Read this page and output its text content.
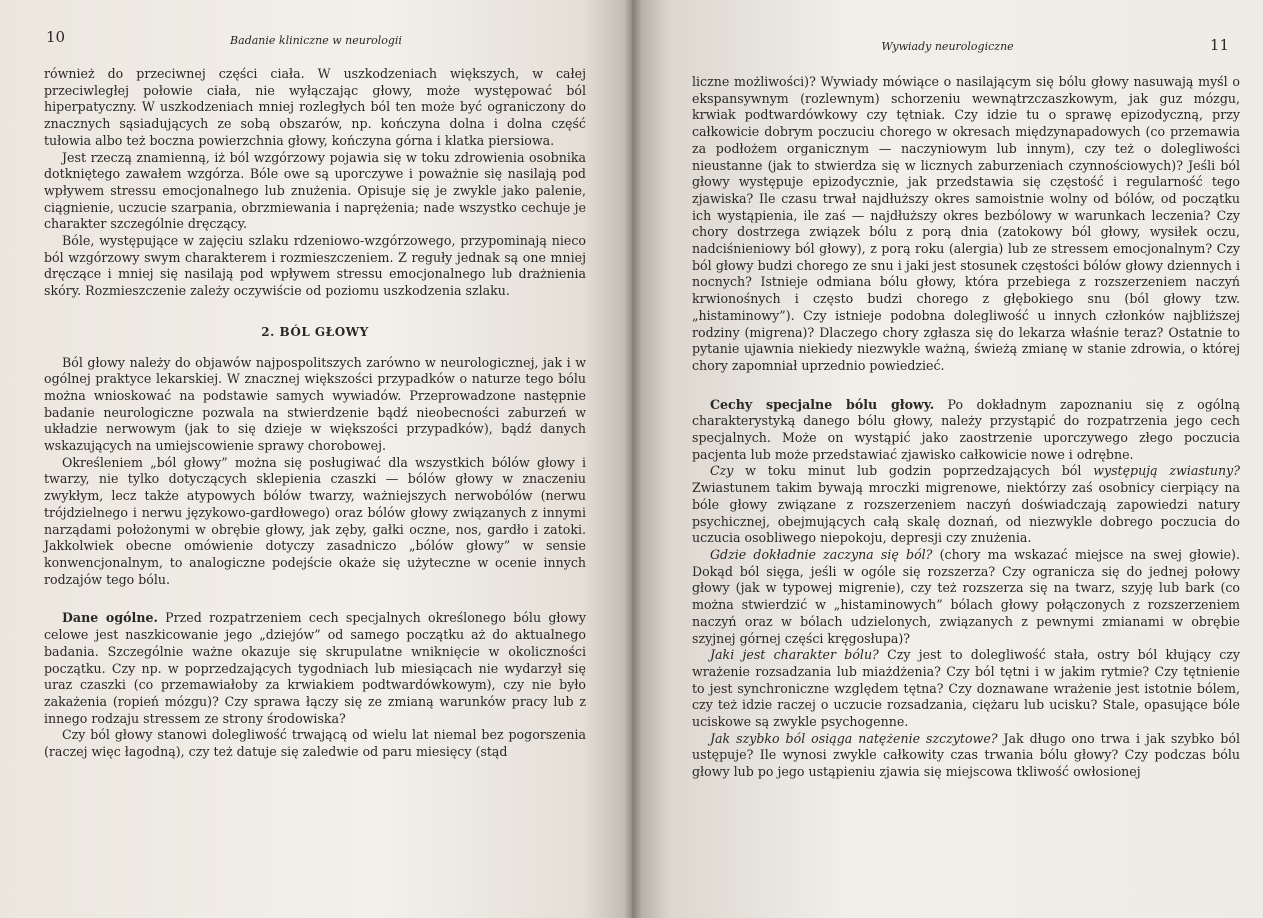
10	Badanie kliniczne w neurologii

również do przeciwnej części ciała. W uszkodzeniach większych, w całej przeciwległej połowie ciała, nie wyłączając głowy, może występować ból hiperpatyczny. W uszkodzeniach mniej rozległych ból ten może być ograniczony do znacznych sąsiadujących ze sobą obszarów, np. kończyna dolna i dolna część tułowia albo też boczna powierzchnia głowy, kończyna górna i klatka piersiowa.

Jest rzeczą znamienną, iż ból wzgórzowy pojawia się w toku zdrowienia osobnika dotkniętego zawałem wzgórza. Bóle owe są uporczywe i poważnie się nasilają pod wpływem stressu emocjonalnego lub znużenia. Opisuje się je zwykle jako palenie, ciągnienie, uczucie szarpania, obrzmiewania i naprężenia; nade wszystko cechuje je charakter szczególnie dręczący.

Bóle, występujące w zajęciu szlaku rdzeniowo-wzgórzowego, przypominają nieco ból wzgórzowy swym charakterem i rozmieszczeniem. Z reguły jednak są one mniej dręczące i mniej się nasilają pod wpływem stressu emocjonalnego lub drażnienia skóry. Rozmieszczenie zależy oczywiście od poziomu uszkodzenia szlaku.

2. BÓL GŁOWY

Ból głowy należy do objawów najpospolitszych zarówno w neurologicznej, jak i w ogólnej praktyce lekarskiej. W znacznej większości przypadków o naturze tego bólu można wnioskować na podstawie samych wywiadów. Przeprowadzone następnie badanie neurologiczne pozwala na stwierdzenie bądź nieobecności zaburzeń w układzie nerwowym (jak to się dzieje w większości przypadków), bądź danych wskazujących na umiejscowienie sprawy chorobowej.

Określeniem „ból głowy” można się posługiwać dla wszystkich bólów głowy i twarzy, nie tylko dotyczących sklepienia czaszki — bólów głowy w znaczeniu zwykłym, lecz także atypowych bólów twarzy, ważniejszych nerwobólów (nerwu trójdzielnego i nerwu językowo-gardłowego) oraz bólów głowy związanych z innymi narządami położonymi w obrębie głowy, jak zęby, gałki oczne, nos, gardło i zatoki. Jakkolwiek obecne omówienie dotyczy zasadniczo „bólów głowy” w sensie konwencjonalnym, to analogiczne podejście okaże się użyteczne w ocenie innych rodzajów tego bólu.

Dane ogólne. Przed rozpatrzeniem cech specjalnych określonego bólu głowy celowe jest naszkicowanie jego „dziejów” od samego początku aż do aktualnego badania. Szczególnie ważne okazuje się skrupulatne wniknięcie w okoliczności początku. Czy np. w poprzedzających tygodniach lub miesiącach nie wydarzył się uraz czaszki (co przemawiałoby za krwiakiem podtwardówkowym), czy nie było zakażenia (ropień mózgu)? Czy sprawa łączy się ze zmianą warunków pracy lub z innego rodzaju stressem ze strony środowiska?

Czy ból głowy stanowi dolegliwość trwającą od wielu lat niemal bez pogorszenia (raczej więc łagodną), czy też datuje się zaledwie od paru miesięcy (stąd

11
Wywiady neurologiczne

liczne możliwości)? Wywiady mówiące o nasilającym się bólu głowy nasuwają myśl o ekspansywnym (rozlewnym) schorzeniu wewnątrzczaszkowym, jak guz mózgu, krwiak podtwardówkowy czy tętniak. Czy idzie tu o sprawę epizodyczną, przy całkowicie dobrym poczuciu chorego w okresach międzynapadowych (co przemawia za podłożem organicznym — naczyniowym lub innym), czy też o dolegliwości nieustanne (jak to stwierdza się w licznych zaburzeniach czynnościowych)? Jeśli ból głowy występuje epizodycznie, jak przedstawia się częstość i regularność tego zjawiska? Ile czasu trwał najdłuższy okres samoistnie wolny od bólów, od początku ich wystąpienia, ile zaś — najdłuższy okres bezbólowy w warunkach leczenia? Czy chory dostrzega związek bólu z porą dnia (zatokowy ból głowy, wysiłek oczu, nadciśnieniowy ból głowy), z porą roku (alergia) lub ze stressem emocjonalnym? Czy ból głowy budzi chorego ze snu i jaki jest stosunek częstości bólów głowy dziennych i nocnych? Istnieje odmiana bólu głowy, która przebiega z rozszerzeniem naczyń krwionośnych i często budzi chorego z głębokiego snu (ból głowy tzw. „histaminowy”). Czy istnieje podobna dolegliwość u innych członków najbliższej rodziny (migrena)? Dlaczego chory zgłasza się do lekarza właśnie teraz? Ostatnie to pytanie ujawnia niekiedy niezwykle ważną, świeżą zmianę w stanie zdrowia, o której chory zapomniał uprzednio powiedzieć.

Cechy specjalne bólu głowy. Po dokładnym zapoznaniu się z ogólną charakterystyką danego bólu głowy, należy przystąpić do rozpatrzenia jego cech specjalnych. Może on wystąpić jako zaostrzenie uporczywego złego poczucia pacjenta lub może przedstawiać zjawisko całkowicie nowe i odrębne.

Czy w toku minut lub godzin poprzedzających ból występują zwiastuny? Zwiastunem takim bywają mroczki migrenowe, niektórzy zaś osobnicy cierpiący na bóle głowy związane z rozszerzeniem naczyń doświadczają zapowiedzi natury psychicznej, obejmujących całą skalę doznań, od niezwykle dobrego poczucia do uczucia osobliwego niepokoju, depresji czy znużenia.

Gdzie dokładnie zaczyna się ból? (chory ma wskazać miejsce na swej głowie). Dokąd ból sięga, jeśli w ogóle się rozszerza? Czy ogranicza się do jednej połowy głowy (jak w typowej migrenie), czy też rozszerza się na twarz, szyję lub bark (co można stwierdzić w „histaminowych” bólach głowy połączonych z rozszerzeniem naczyń oraz w bólach udzielonych, związanych z pewnymi zmianami w obrębie szyjnej górnej części kręgosłupa)?

Jaki jest charakter bólu? Czy jest to dolegliwość stała, ostry ból kłujący czy wrażenie rozsadzania lub miażdżenia? Czy ból tętni i w jakim rytmie? Czy tętnienie to jest synchroniczne względem tętna? Czy doznawane wrażenie jest istotnie bólem, czy też idzie raczej o uczucie rozsadzania, ciężaru lub ucisku? Stale, opasujące bóle uciskowe są zwykle psychogenne.

Jak szybko ból osiąga natężenie szczytowe? Jak długo ono trwa i jak szybko ból ustępuje? Ile wynosi zwykle całkowity czas trwania bólu głowy? Czy podczas bólu głowy lub po jego ustąpieniu zjawia się miejscowa tkliwość owłosionej
